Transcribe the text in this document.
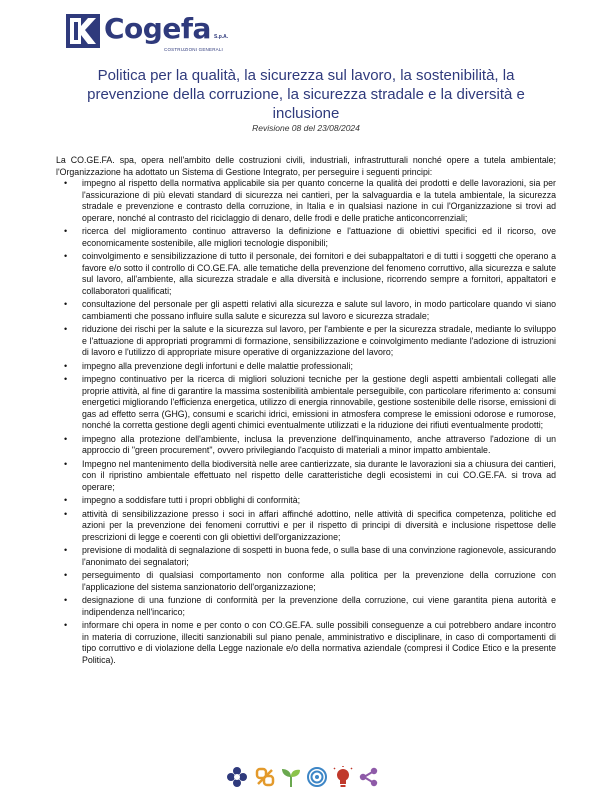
Cogefa S.p.A.
COSTRUZIONI GENERALI
Politica per la qualità, la sicurezza sul lavoro, la sostenibilità, la prevenzione della corruzione, la sicurezza stradale e la diversità e inclusione
Revisione 08 del 23/08/2024

La CO.GE.FA. spa, opera nell'ambito delle costruzioni civili, industriali, infrastrutturali nonché opere a tutela ambientale; l'Organizzazione ha adottato un Sistema di Gestione Integrato, per perseguire i seguenti principi:

• impegno al rispetto della normativa applicabile sia per quanto concerne la qualità dei prodotti e delle lavorazioni, sia per l'assicurazione di più elevati standard di sicurezza nei cantieri, per la salvaguardia e la tutela ambientale, la sicurezza stradale e prevenzione e contrasto della corruzione, in Italia e in qualsiasi nazione in cui l'Organizzazione si trovi ad operare, nonché al contrasto del riciclaggio di denaro, delle frodi e delle pratiche anticoncorrenziali;
• ricerca del miglioramento continuo attraverso la definizione e l'attuazione di obiettivi specifici ed il ricorso, ove economicamente sostenibile, alle migliori tecnologie disponibili;
• coinvolgimento e sensibilizzazione di tutto il personale, dei fornitori e dei subappaltatori e di tutti i soggetti che operano a favore e/o sotto il controllo di CO.GE.FA. alle tematiche della prevenzione del fenomeno corruttivo, alla sicurezza e salute sul lavoro, all'ambiente, alla sicurezza stradale e alla diversità e inclusione, ricorrendo sempre a fornitori, appaltatori e collaboratori qualificati;
• consultazione del personale per gli aspetti relativi alla sicurezza e salute sul lavoro, in modo particolare quando vi siano cambiamenti che possano influire sulla salute e sicurezza sul lavoro e sicurezza stradale;
• riduzione dei rischi per la salute e la sicurezza sul lavoro, per l'ambiente e per la sicurezza stradale, mediante lo sviluppo e l'attuazione di appropriati programmi di formazione, sensibilizzazione e coinvolgimento mediante l'adozione di istruzioni di lavoro e l'utilizzo di appropriate misure operative di organizzazione del lavoro;
• impegno alla prevenzione degli infortuni e delle malattie professionali;
• impegno continuativo per la ricerca di migliori soluzioni tecniche per la gestione degli aspetti ambientali collegati alle proprie attività, al fine di garantire la massima sostenibilità ambientale perseguibile, con particolare riferimento a: consumi energetici migliorando l'efficienza energetica, utilizzo di energia rinnovabile, gestione sostenibile delle risorse, emissioni di gas ad effetto serra (GHG), consumi e scarichi idrici, emissioni in atmosfera comprese le emissioni odorose e rumorose, nonché la corretta gestione degli agenti chimici eventualmente utilizzati e la riduzione dei rifiuti eventualmente prodotti;
• impegno alla protezione dell'ambiente, inclusa la prevenzione dell'inquinamento, anche attraverso l'adozione di un approccio di "green procurement", ovvero privilegiando l'acquisto di materiali a minor impatto ambientale.
• Impegno nel mantenimento della biodiversità nelle aree cantierizzate, sia durante le lavorazioni sia a chiusura dei cantieri, con il ripristino ambientale effettuato nel rispetto delle caratteristiche degli ecosistemi in cui CO.GE.FA. si trova ad operare;
• impegno a soddisfare tutti i propri obblighi di conformità;
• attività di sensibilizzazione presso i soci in affari affinché adottino, nelle attività di specifica competenza, politiche ed azioni per la prevenzione dei fenomeni corruttivi e per il rispetto di principi di diversità e inclusione rispettose delle prescrizioni di legge e coerenti con gli obiettivi dell'organizzazione;
• previsione di modalità di segnalazione di sospetti in buona fede, o sulla base di una convinzione ragionevole, assicurando l'anonimato dei segnalatori;
• perseguimento di qualsiasi comportamento non conforme alla politica per la prevenzione della corruzione con l'applicazione del sistema sanzionatorio dell'organizzazione;
• designazione di una funzione di conformità per la prevenzione della corruzione, cui viene garantita piena autorità e indipendenza nell'incarico;
• informare chi opera in nome e per conto o con CO.GE.FA. sulle possibili conseguenze a cui potrebbero andare incontro in materia di corruzione, illeciti sanzionabili sul piano penale, amministrativo e disciplinare, in caso di comportamenti di tipo corruttivo e di violazione della Legge nazionale e/o della normativa aziendale (compresi il Codice Etico e la presente Politica).
